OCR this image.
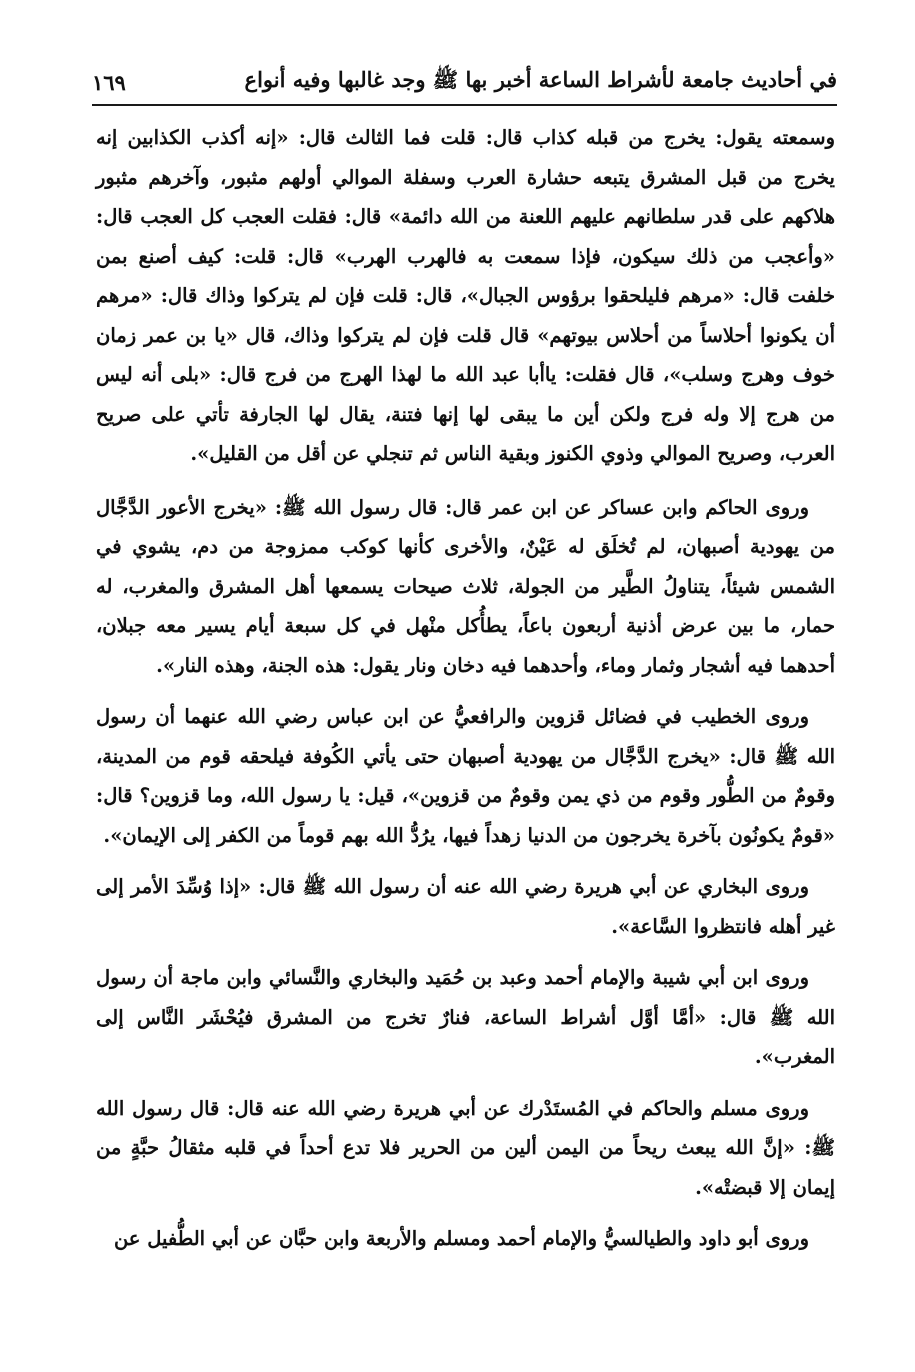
في أحاديث جامعة لأشراط الساعة أخبر بها ﷺ وجد غالبها وفيه أنواع
١٦٩

وسمعته يقول: يخرج من قبله كذاب قال: قلت فما الثالث قال: «إنه أكذب الكذابين إنه يخرج من قبل المشرق يتبعه حشارة العرب وسفلة الموالي أولهم مثبور، وآخرهم مثبور هلاكهم على قدر سلطانهم عليهم اللعنة من الله دائمة» قال: فقلت العجب كل العجب قال: «وأعجب من ذلك سيكون، فإذا سمعت به فالهرب الهرب» قال: قلت: كيف أصنع بمن خلفت قال: «مرهم فليلحقوا برؤوس الجبال»، قال: قلت فإن لم يتركوا وذاك قال: «مرهم أن يكونوا أحلاساً من أحلاس بيوتهم» قال قلت فإن لم يتركوا وذاك، قال «يا بن عمر زمان خوف وهرج وسلب»، قال فقلت: ياأبا عبد الله ما لهذا الهرج من فرج قال: «بلى أنه ليس من هرج إلا وله فرج ولكن أين ما يبقى لها إنها فتنة، يقال لها الجارفة تأتي على صريح العرب، وصريح الموالي وذوي الكنوز وبقية الناس ثم تنجلي عن أقل من القليل».

وروى الحاكم وابن عساكر عن ابن عمر قال: قال رسول الله ﷺ: «يخرج الأعور الدَّجَّال من يهودية أصبهان، لم تُخلَق له عَيْنٌ، والأخرى كأنها كوكب ممزوجة من دم، يشوي في الشمس شيئاً، يتناولُ الطَّير من الجولة، ثلاث صيحات يسمعها أهل المشرق والمغرب، له حمار، ما بين عرض أذنية أربعون باعاً، يطأُكل منْهل في كل سبعة أيام يسير معه جبلان، أحدهما فيه أشجار وثمار وماء، وأحدهما فيه دخان ونار يقول: هذه الجنة، وهذه النار».

وروى الخطيب في فضائل قزوين والرافعيُّ عن ابن عباس رضي الله عنهما أن رسول الله ﷺ قال: «يخرج الدَّجَّال من يهودية أصبهان حتى يأتي الكُوفة فيلحقه قوم من المدينة، وقومٌ من الطُّور وقوم من ذي يمن وقومٌ من قزوين»، قيل: يا رسول الله، وما قزوين؟ قال: «قومٌ يكونُون بآخرة يخرجون من الدنيا زهداً فيها، يرُدُّ الله بهم قوماً من الكفر إلى الإيمان».

وروى البخاري عن أبي هريرة رضي الله عنه أن رسول الله ﷺ قال: «إذا وُسِّدَ الأمر إلى غير أهله فانتظروا السَّاعة».

وروى ابن أبي شيبة والإمام أحمد وعبد بن حُمَيد والبخاري والنَّسائي وابن ماجة أن رسول الله ﷺ قال: «أمَّا أوَّل أشراط الساعة، فنارٌ تخرج من المشرق فيُحْشَر النَّاس إلى المغرب».

وروى مسلم والحاكم في المُستَدْرك عن أبي هريرة رضي الله عنه قال: قال رسول الله ﷺ: «إنَّ الله يبعث ريحاً من اليمن ألين من الحرير فلا تدع أحداً في قلبه مثقالُ حبَّةٍ من إيمان إلا قبضتْه».

وروى أبو داود والطيالسيُّ والإمام أحمد ومسلم والأربعة وابن حبَّان عن أبي الطُّفيل عن
